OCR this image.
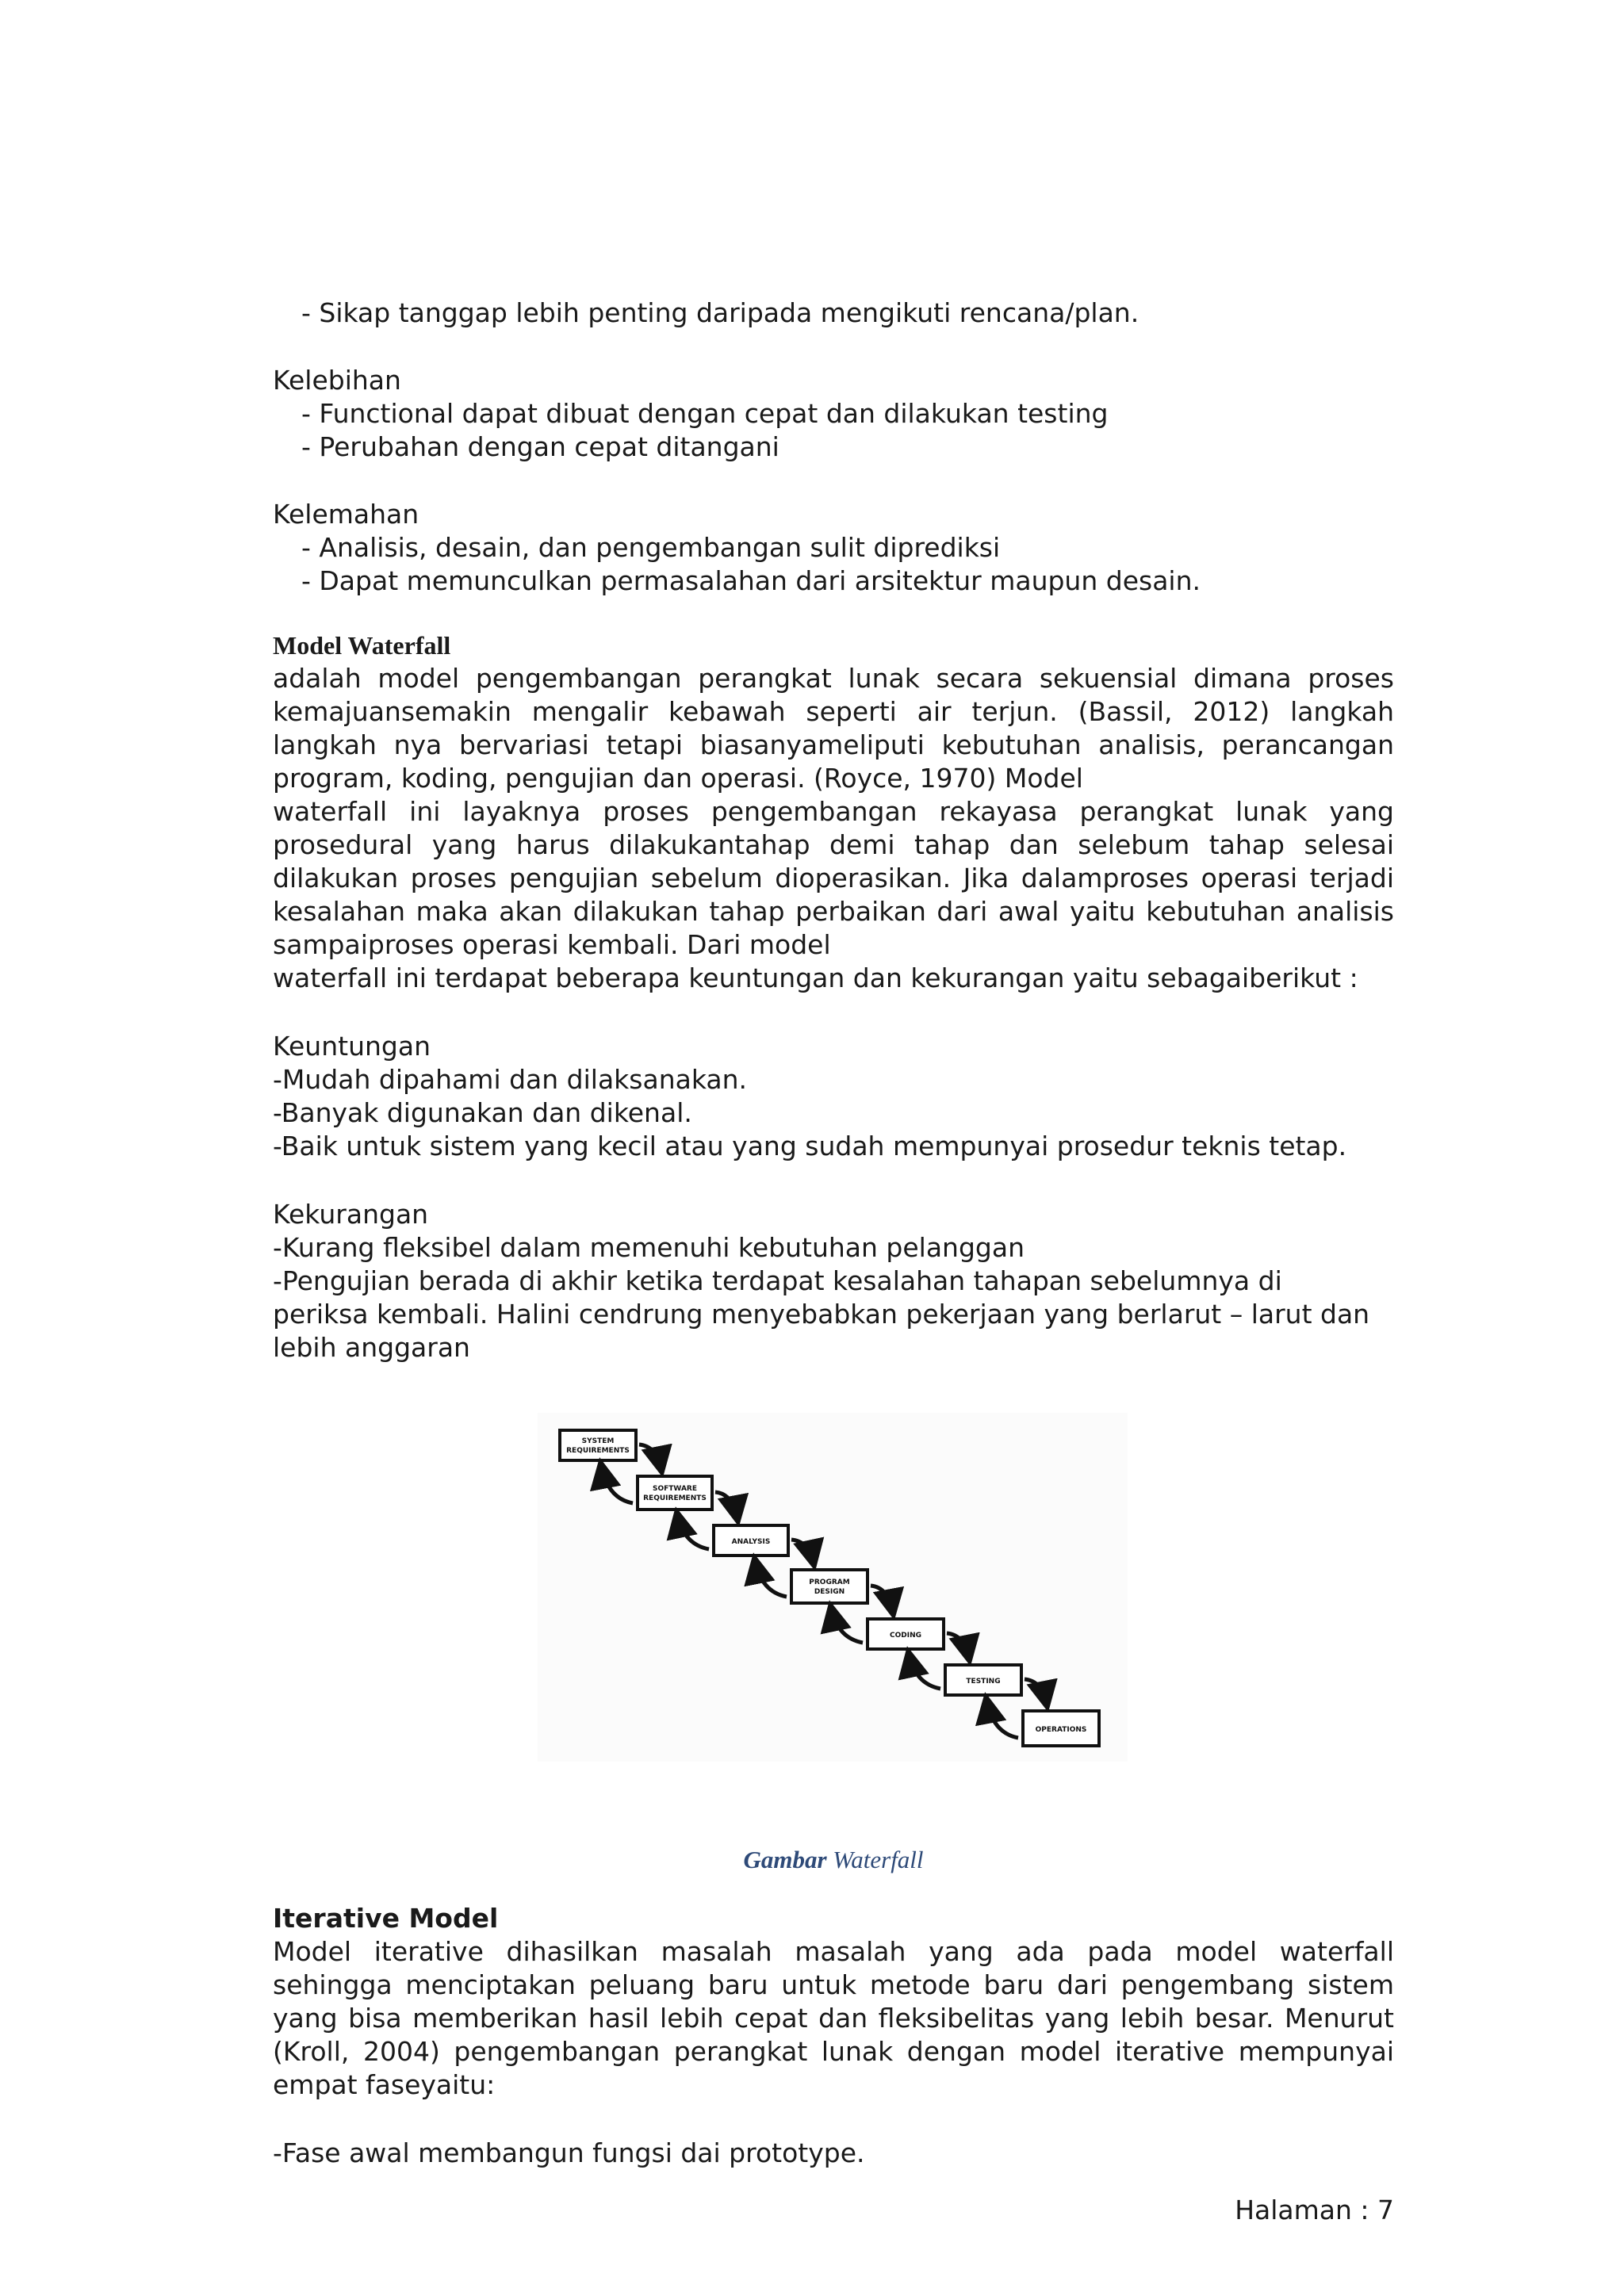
- Sikap tanggap lebih penting daripada mengikuti rencana/plan.
Kelebihan
- Functional dapat dibuat dengan cepat dan dilakukan testing
- Perubahan dengan cepat ditangani
Kelemahan
- Analisis, desain, dan pengembangan sulit diprediksi
- Dapat memunculkan permasalahan dari arsitektur maupun desain.
Model Waterfall
adalah model pengembangan perangkat lunak secara sekuensial dimana proses
kemajuansemakin mengalir kebawah seperti air terjun. (Bassil, 2012) langkah
langkah nya bervariasi tetapi biasanyameliputi kebutuhan analisis, perancangan
program, koding, pengujian dan operasi. (Royce, 1970) Model
waterfall ini layaknya proses pengembangan rekayasa perangkat lunak yang
prosedural yang harus dilakukantahap demi tahap dan selebum tahap selesai
dilakukan proses pengujian sebelum dioperasikan. Jika dalamproses operasi terjadi
kesalahan maka akan dilakukan tahap perbaikan dari awal yaitu kebutuhan analisis
sampaiproses operasi kembali. Dari model
waterfall ini terdapat beberapa keuntungan dan kekurangan yaitu sebagaiberikut :
Keuntungan
-Mudah dipahami dan dilaksanakan.
-Banyak digunakan dan dikenal.
-Baik untuk sistem yang kecil atau yang sudah mempunyai prosedur teknis tetap.
Kekurangan
-Kurang fleksibel dalam memenuhi kebutuhan pelanggan
-Pengujian berada di akhir ketika terdapat kesalahan tahapan sebelumnya di
periksa kembali. Halini cendrung menyebabkan pekerjaan yang berlarut – larut dan
lebih anggaran
Gambar Waterfall
Iterative Model
Model iterative dihasilkan masalah masalah yang ada pada model waterfall
sehingga menciptakan peluang baru untuk metode baru dari pengembang sistem
yang bisa memberikan hasil lebih cepat dan fleksibelitas yang lebih besar. Menurut
(Kroll, 2004) pengembangan perangkat lunak dengan model iterative mempunyai
empat faseyaitu:
-Fase awal membangun fungsi dai prototype.
SYSTEM
REQUIREMENTS
SOFTWARE
REQUIREMENTS
ANALYSIS
PROGRAM
DESIGN
CODING
TESTING
OPERATIONS
Halaman : 7
